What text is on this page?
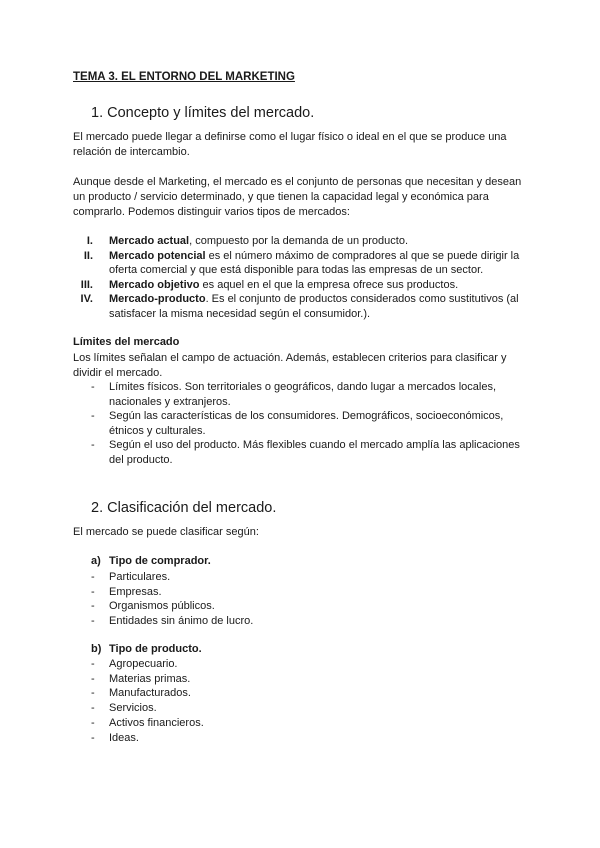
TEMA 3. EL ENTORNO DEL MARKETING
1. Concepto y límites del mercado.
El mercado puede llegar a definirse como el lugar físico o ideal en el que se produce una relación de intercambio.
Aunque desde el Marketing, el mercado es el conjunto de personas que necesitan y desean un producto / servicio determinado, y que tienen la capacidad legal y económica para comprarlo. Podemos distinguir varios tipos de mercados:
I. Mercado actual, compuesto por la demanda de un producto.
II. Mercado potencial es el número máximo de compradores al que se puede dirigir la oferta comercial y que está disponible para todas las empresas de un sector.
III. Mercado objetivo es aquel en el que la empresa ofrece sus productos.
IV. Mercado-producto. Es el conjunto de productos considerados como sustitutivos (al satisfacer la misma necesidad según el consumidor.).
Límites del mercado
Los límites señalan el campo de actuación. Además, establecen criterios para clasificar y dividir el mercado.
- Límites físicos. Son territoriales o geográficos, dando lugar a mercados locales, nacionales y extranjeros.
- Según las características de los consumidores. Demográficos, socioeconómicos, étnicos y culturales.
- Según el uso del producto. Más flexibles cuando el mercado amplía las aplicaciones del producto.
2. Clasificación del mercado.
El mercado se puede clasificar según:
a) Tipo de comprador.
- Particulares.
- Empresas.
- Organismos públicos.
- Entidades sin ánimo de lucro.
b) Tipo de producto.
- Agropecuario.
- Materias primas.
- Manufacturados.
- Servicios.
- Activos financieros.
- Ideas.
